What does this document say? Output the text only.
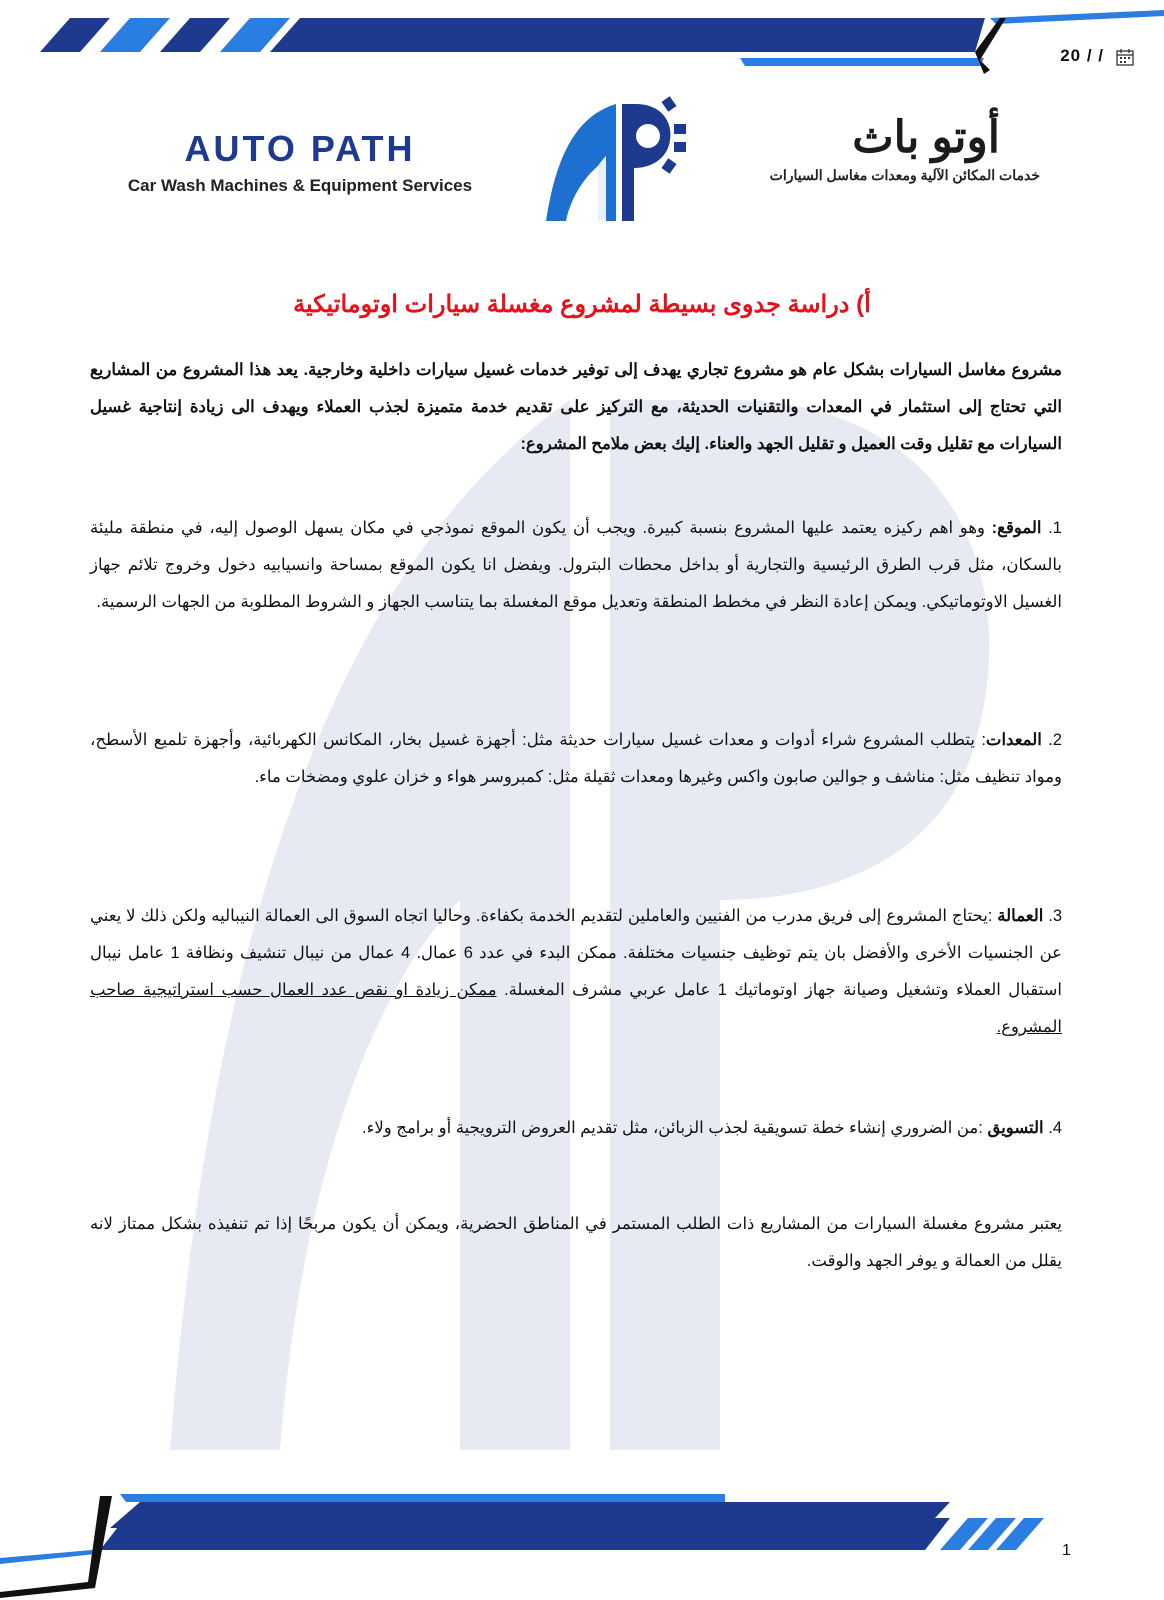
20 / /
AUTO PATH
Car Wash Machines & Equipment Services
أوتو باث
خدمات المكائن الآلية ومعدات مغاسل السيارات
أ) دراسة جدوى بسيطة لمشروع مغسلة سيارات اوتوماتيكية
مشروع مغاسل السيارات بشكل عام هو مشروع تجاري يهدف إلى توفير خدمات غسيل سيارات داخلية وخارجية. يعد هذا المشروع من المشاريع التي تحتاج إلى استثمار في المعدات والتقنيات الحديثة، مع التركيز على تقديم خدمة متميزة لجذب العملاء ويهدف الى زيادة إنتاجية غسيل السيارات مع تقليل وقت العميل و تقليل الجهد والعناء. إليك بعض ملامح المشروع:
1. الموقع: وهو اهم ركيزه يعتمد عليها المشروع بنسبة كبيرة. ويجب أن يكون الموقع نموذجي في مكان يسهل الوصول إليه، في منطقة مليئة بالسكان، مثل قرب الطرق الرئيسية والتجارية أو بداخل محطات البترول. ويفضل انا يكون الموقع بمساحة وانسيابيه دخول وخروج تلائم جهاز الغسيل الاوتوماتيكي. ويمكن إعادة النظر في مخطط المنطقة وتعديل موقع المغسلة بما يتناسب الجهاز و الشروط المطلوبة من الجهات الرسمية.
2. المعدات: يتطلب المشروع شراء أدوات و معدات غسيل سيارات حديثة مثل: أجهزة غسيل بخار، المكانس الكهربائية، وأجهزة تلميع الأسطح، ومواد تنظيف مثل: مناشف و جوالين صابون واكس وغيرها ومعدات ثقيلة مثل: كمبروسر هواء و خزان علوي ومضخات ماء.
3. العمالة :يحتاج المشروع إلى فريق مدرب من الفنيين والعاملين لتقديم الخدمة بكفاءة. وحاليا اتجاه السوق الى العمالة النيباليه ولكن ذلك لا يعني عن الجنسيات الأخرى والأفضل بان يتم توظيف جنسيات مختلفة. ممكن البدء في عدد 6 عمال. 4 عمال من نيبال تنشيف ونظافة 1 عامل نيبال استقبال العملاء وتشغيل وصيانة جهاز اوتوماتيك 1 عامل عربي مشرف المغسلة. ممكن زيادة او نقص عدد العمال حسب استراتيجية صاحب المشروع.
4. التسويق :من الضروري إنشاء خطة تسويقية لجذب الزبائن، مثل تقديم العروض الترويجية أو برامج ولاء.
يعتبر مشروع مغسلة السيارات من المشاريع ذات الطلب المستمر في المناطق الحضرية، ويمكن أن يكون مربحًا إذا تم تنفيذه بشكل ممتاز لانه يقلل من العمالة و يوفر الجهد والوقت.
1
